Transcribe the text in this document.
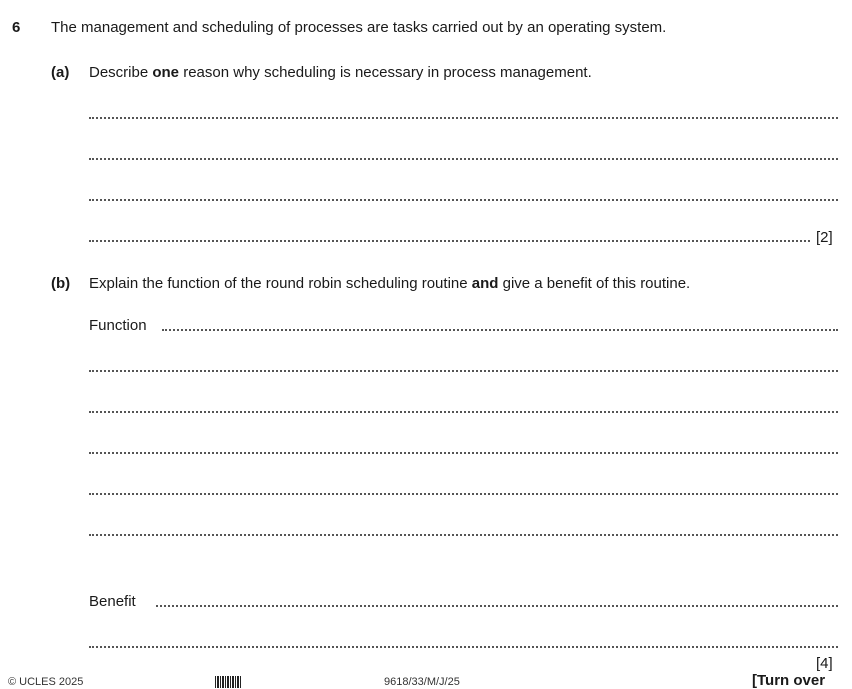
6 The management and scheduling of processes are tasks carried out by an operating system.
(a) Describe one reason why scheduling is necessary in process management.
[2]
(b) Explain the function of the round robin scheduling routine and give a benefit of this routine.
Function
Benefit
[4]
© UCLES 2025	9618/33/M/J/25	[Turn over
